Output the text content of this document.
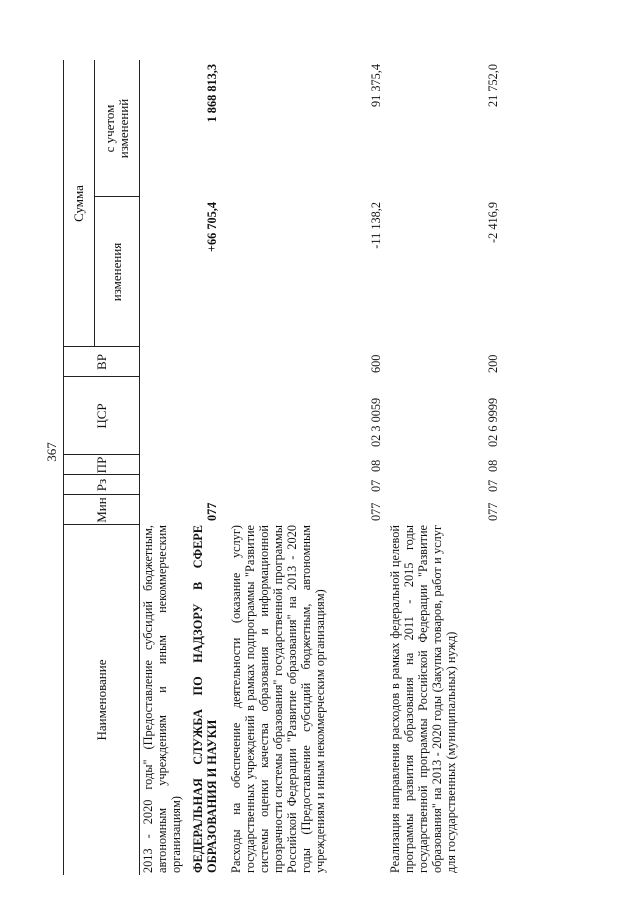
367
Наименование
Мин
Рз
ПР
ЦСР
ВР
Сумма
изменения
с учетом изменений
2013 - 2020 годы" (Предоставление субсидий бюджетным, автономным учреждениям и иным некоммерческим организациям) ФЕДЕРАЛЬНАЯ СЛУЖБА ПО НАДЗОРУ В СФЕРЕ ОБРАЗОВАНИЯ И НАУКИ
077
+66 705,4
1 868 813,3
Расходы на обеспечение деятельности (оказание услуг) государственных учреждений в рамках подпрограммы "Развитие системы оценки качества образования и информационной прозрачности системы образования" государственной программы Российской Федерации "Развитие образования" на 2013 - 2020 годы (Предоставление субсидий бюджетным, автономным учреждениям и иным некоммерческим организациям)
077
07
08
02 3 0059
600
-11 138,2
91 375,4
Реализация направления расходов в рамках федеральной целевой программы развития образования на 2011 - 2015 годы государственной программы Российской Федерации "Развитие образования" на 2013 - 2020 годы (Закупка товаров, работ и услуг для государственных (муниципальных) нужд)
077
07
08
02 6 9999
200
-2 416,9
21 752,0
